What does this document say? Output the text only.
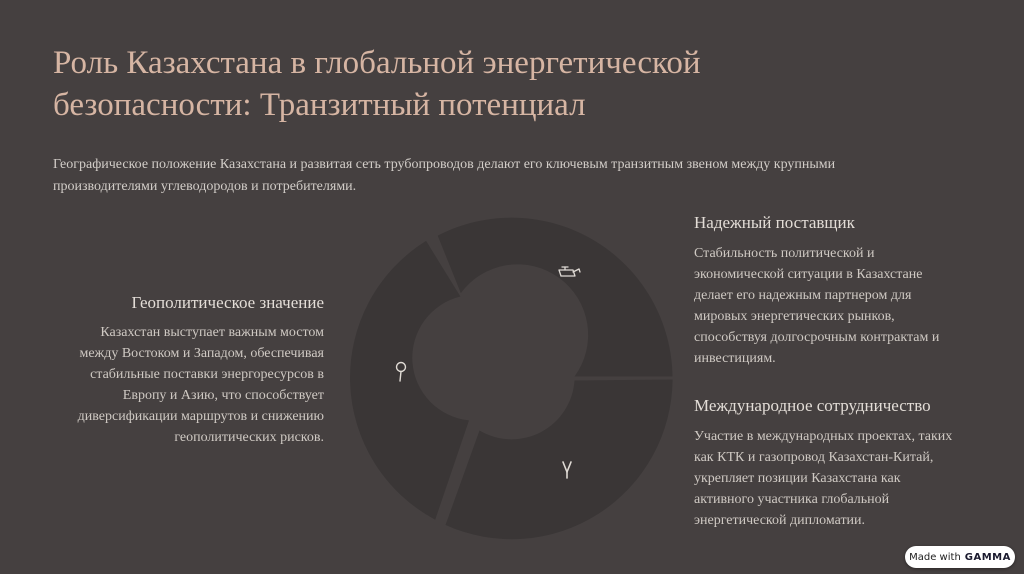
Роль Казахстана в глобальной энергетической
безопасности: Транзитный потенциал

Географическое положение Казахстана и развитая сеть трубопроводов делают его ключевым транзитным звеном между крупными
производителями углеводородов и потребителями.

Надежный поставщик

Стабильность политической и
экономической ситуации в Казахстане
делает его надежным партнером для
мировых энергетических рынков,
способствуя долгосрочным контрактам и
инвестициям.

Геополитическое значение

Казахстан выступает важным мостом
между Востоком и Западом, обеспечивая
стабильные поставки энергоресурсов в
Европу и Азию, что способствует
диверсификации маршрутов и снижению
геополитических рисков.

Международное сотрудничество

Участие в международных проектах, таких
как КТК и газопровод Казахстан-Китай,
укрепляет позиции Казахстана как
активного участника глобальной
энергетической дипломатии.

Made with GAMMA
